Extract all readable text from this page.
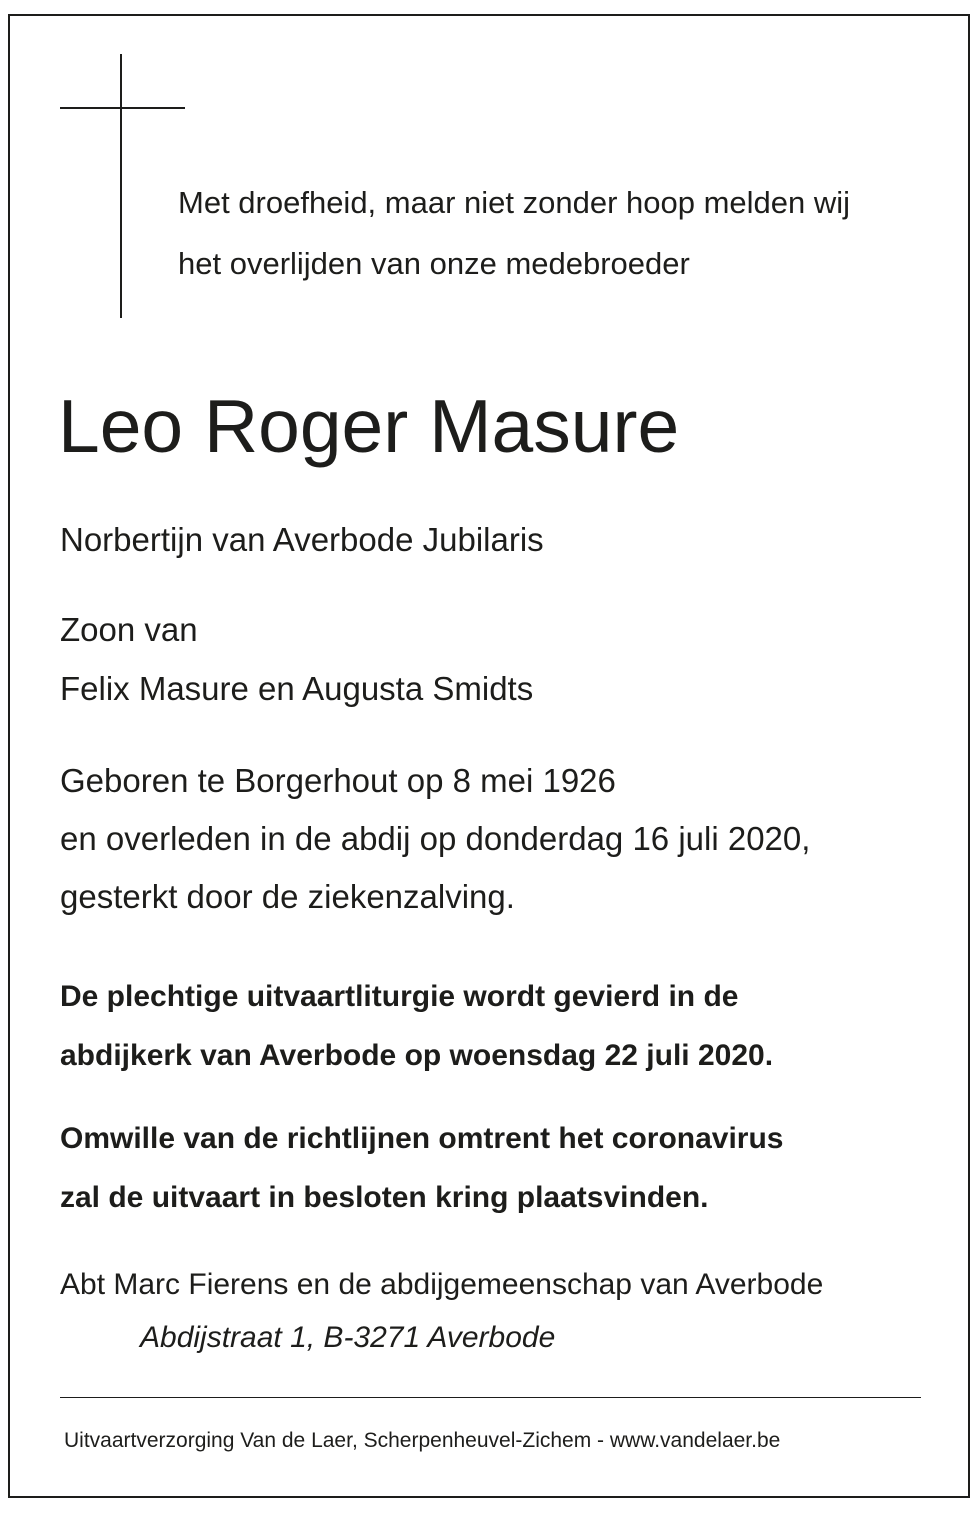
Met droefheid, maar niet zonder hoop melden wij
het overlijden van onze medebroeder

Leo Roger Masure

Norbertijn van Averbode Jubilaris

Zoon van

Felix Masure en Augusta Smidts

Geboren te Borgerhout op 8 mei 1926
en overleden in de abdij op donderdag 16 juli 2020,
gesterkt door de ziekenzalving.

De plechtige uitvaartliturgie wordt gevierd in de
abdijkerk van Averbode op woensdag 22 juli 2020.

Omwille van de richtlijnen omtrent het coronavirus
zal de uitvaart in besloten kring plaatsvinden.

Abt Marc Fierens en de abdijgemeenschap van Averbode

Abdijstraat 1, B-3271 Averbode

Uitvaartverzorging Van de Laer, Scherpenheuvel-Zichem - www.vandelaer.be
